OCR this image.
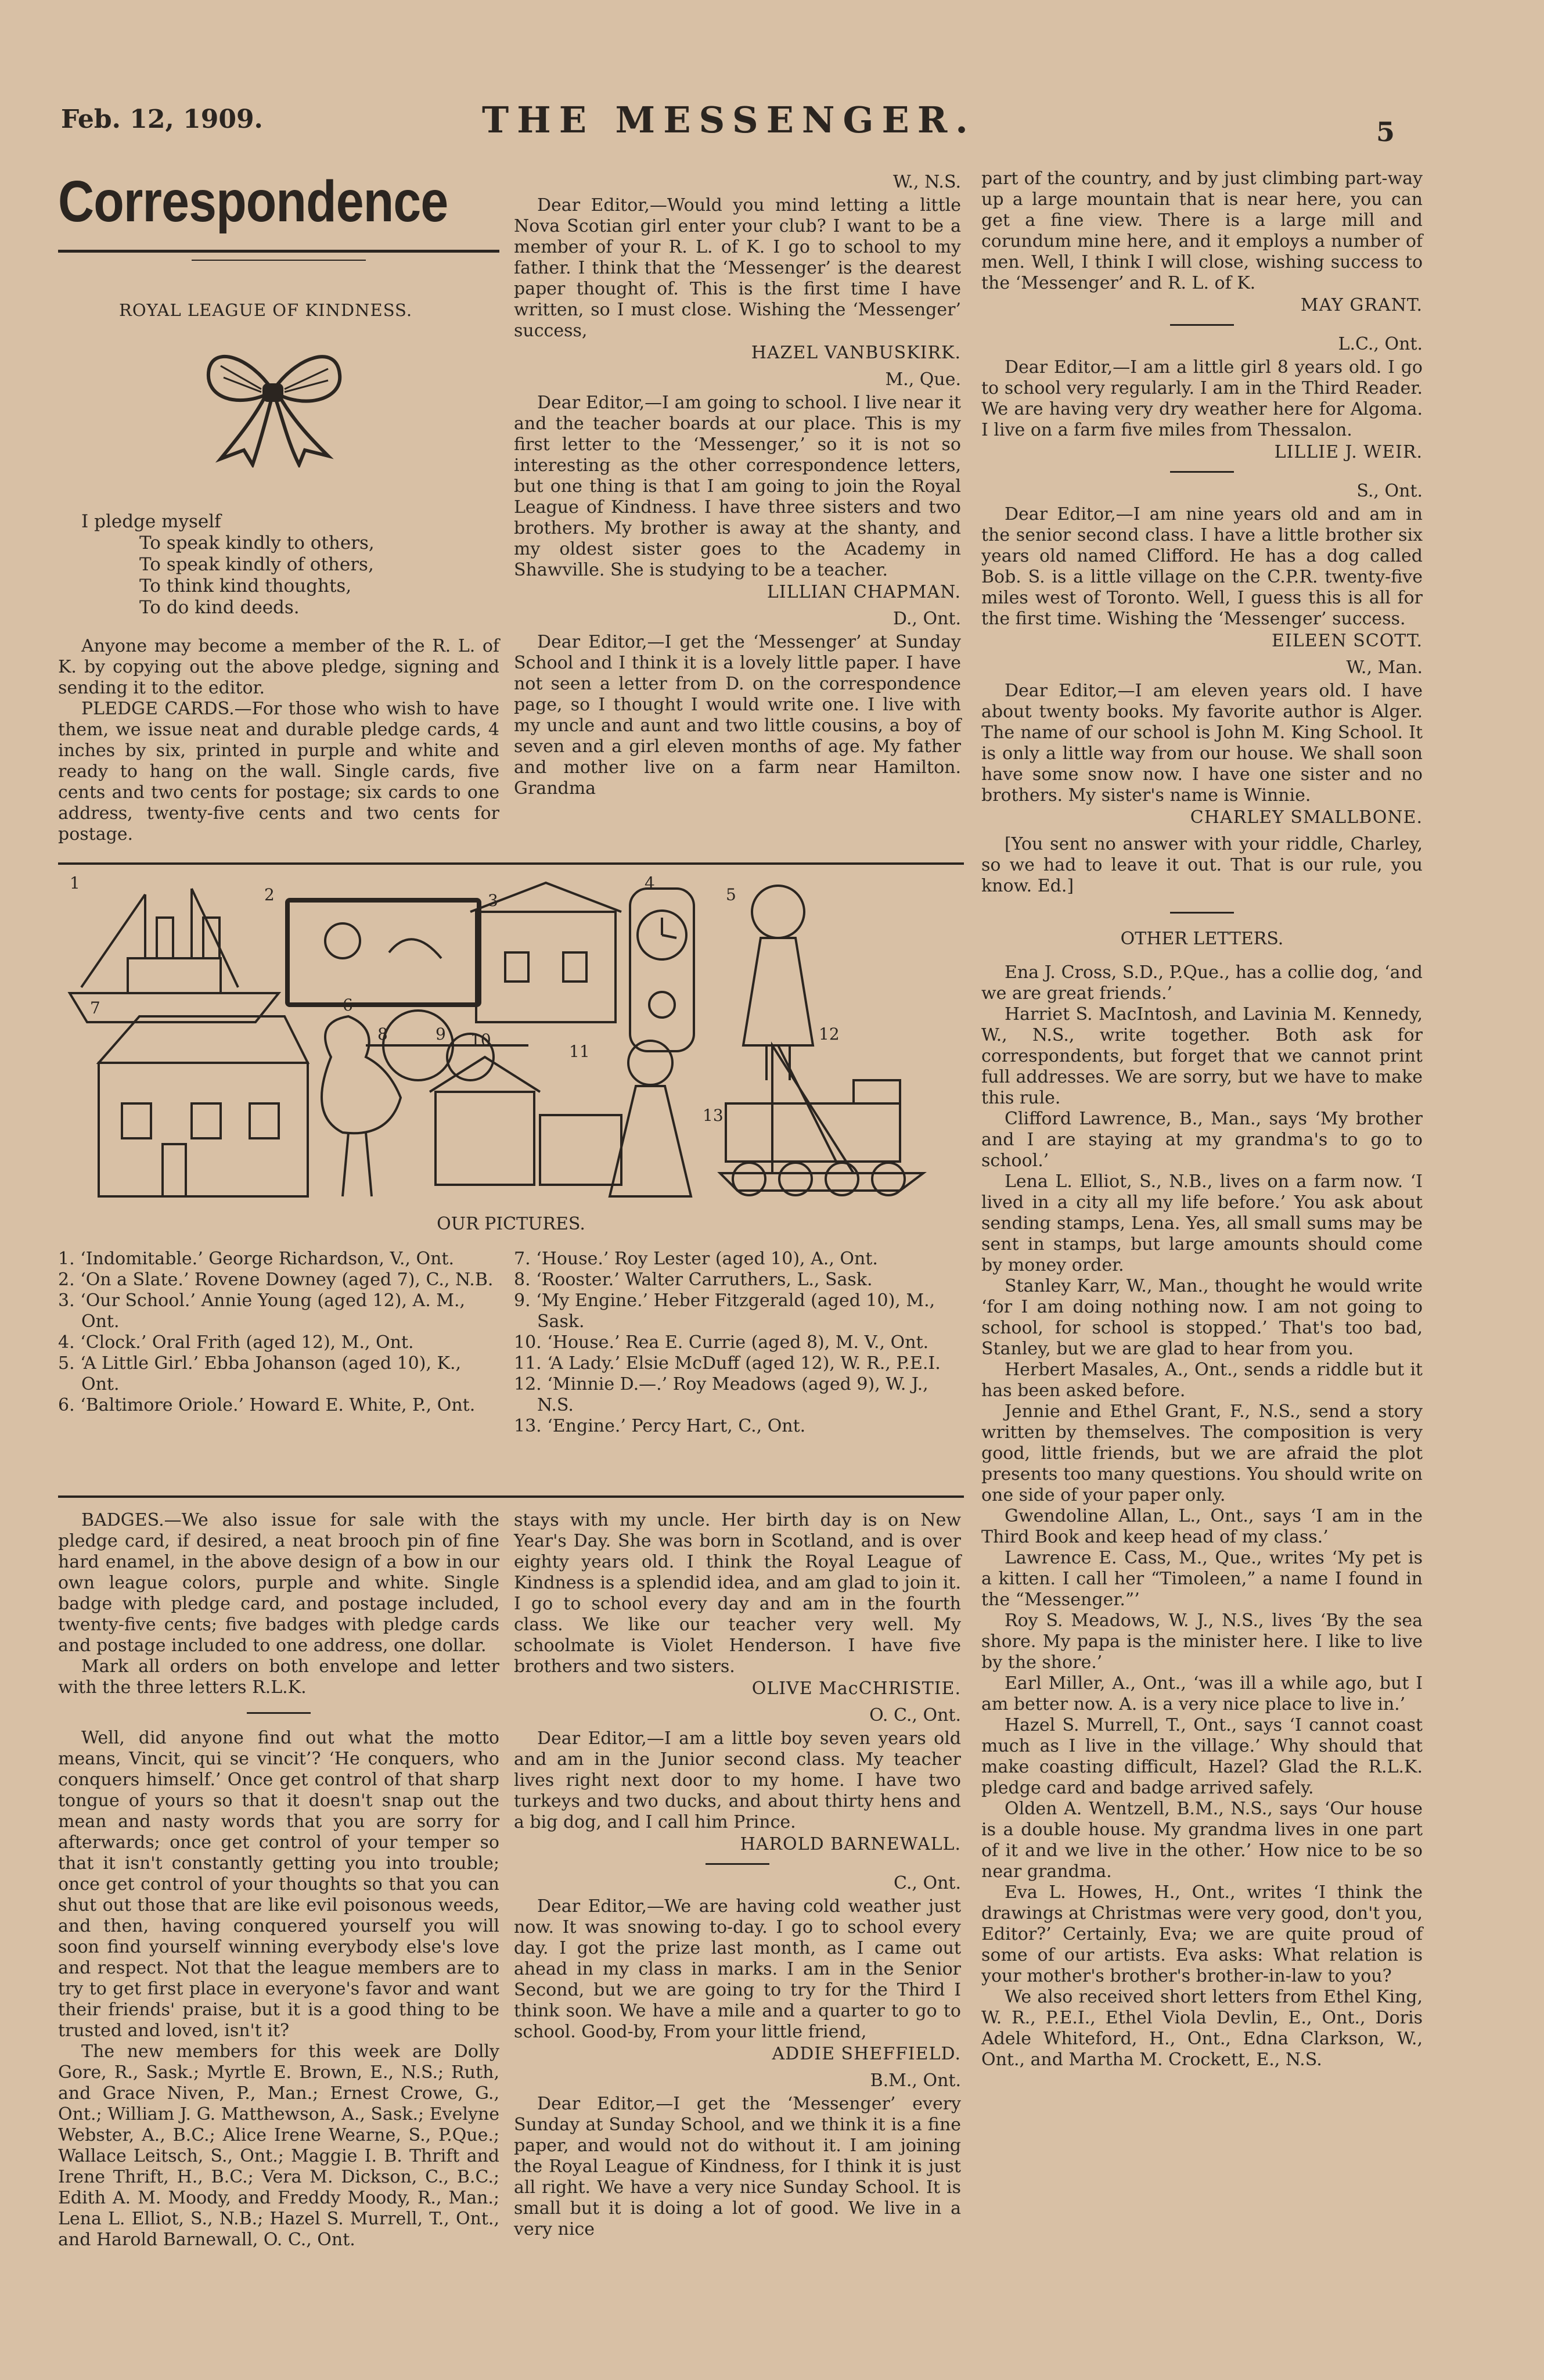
Feb. 12, 1909.	THE MESSENGER.	5
Correspondence
ROYAL LEAGUE OF KINDNESS.
I pledge myself
To speak kindly to others,
To speak kindly of others,
To think kind thoughts,
To do kind deeds.

Anyone may become a member of the R. L. of K. by copying out the above pledge, signing and sending it to the editor.

PLEDGE CARDS.—For those who wish to have them, we issue neat and durable pledge cards, 4 inches by six, printed in purple and white and ready to hang on the wall. Single cards, five cents and two cents for postage; six cards to one address, twenty-five cents and two cents for postage.

W., N.S.

Dear Editor,—Would you mind letting a little Nova Scotian girl enter your club? I want to be a member of your R. L. of K. I go to school to my father. I think that the ‘Messenger’ is the dearest paper thought of. This is the first time I have written, so I must close. Wishing the ‘Messenger’ success,

HAZEL VANBUSKIRK.
M., Que.

Dear Editor,—I am going to school. I live near it and the teacher boards at our place. This is my first letter to the ‘Messenger,’ so it is not so interesting as the other correspondence letters, but one thing is that I am going to join the Royal League of Kindness. I have three sisters and two brothers. My brother is away at the shanty, and my oldest sister goes to the Academy in Shawville. She is studying to be a teacher.

LILLIAN CHAPMAN.
D., Ont.

Dear Editor,—I get the ‘Messenger’ at Sunday School and I think it is a lovely little paper. I have not seen a letter from D. on the correspondence page, so I thought I would write one. I live with my uncle and aunt and two little cousins, a boy of seven and a girl eleven months of age. My father and mother live on a farm near Hamilton. Grandma

part of the country, and by just climbing part-way up a large mountain that is near here, you can get a fine view. There is a large mill and corundum mine here, and it employs a number of men. Well, I think I will close, wishing success to the ‘Messenger’ and R. L. of K.

MAY GRANT.
L.C., Ont.

Dear Editor,—I am a little girl 8 years old. I go to school very regularly. I am in the Third Reader. We are having very dry weather here for Algoma. I live on a farm five miles from Thessalon.

LILLIE J. WEIR.
S., Ont.

Dear Editor,—I am nine years old and am in the senior second class. I have a little brother six years old named Clifford. He has a dog called Bob. S. is a little village on the C.P.R. twenty-five miles west of Toronto. Well, I guess this is all for the first time. Wishing the ‘Messenger’ success.

EILEEN SCOTT.
W., Man.

Dear Editor,—I am eleven years old. I have about twenty books. My favorite author is Alger. The name of our school is John M. King School. It is only a little way from our house. We shall soon have some snow now. I have one sister and no brothers. My sister's name is Winnie.

CHARLEY SMALLBONE.

[You sent no answer with your riddle, Charley, so we had to leave it out. That is our rule, you know. Ed.]

OTHER LETTERS.

Ena J. Cross, S.D., P.Que., has a collie dog, ‘and we are great friends.’

Harriet S. MacIntosh, and Lavinia M. Kennedy, W., N.S., write together. Both ask for correspondents, but forget that we cannot print full addresses. We are sorry, but we have to make this rule.

Clifford Lawrence, B., Man., says ‘My brother and I are staying at my grandma's to go to school.’

Lena L. Elliot, S., N.B., lives on a farm now. ‘I lived in a city all my life before.’ You ask about sending stamps, Lena. Yes, all small sums may be sent in stamps, but large amounts should come by money order.

Stanley Karr, W., Man., thought he would write ‘for I am doing nothing now. I am not going to school, for school is stopped.’ That's too bad, Stanley, but we are glad to hear from you.

Herbert Masales, A., Ont., sends a riddle but it has been asked before.

Jennie and Ethel Grant, F., N.S., send a story written by themselves. The composition is very good, little friends, but we are afraid the plot presents too many questions. You should write on one side of your paper only.

Gwendoline Allan, L., Ont., says ‘I am in the Third Book and keep head of my class.’

Lawrence E. Cass, M., Que., writes ‘My pet is a kitten. I call her “Timoleen,” a name I found in the “Messenger.”’

Roy S. Meadows, W. J., N.S., lives ‘By the sea shore. My papa is the minister here. I like to live by the shore.’

Earl Miller, A., Ont., ‘was ill a while ago, but I am better now. A. is a very nice place to live in.’

Hazel S. Murrell, T., Ont., says ‘I cannot coast much as I live in the village.’ Why should that make coasting difficult, Hazel? Glad the R.L.K. pledge card and badge arrived safely.

Olden A. Wentzell, B.M., N.S., says ‘Our house is a double house. My grandma lives in one part of it and we live in the other.’ How nice to be so near grandma.

Eva L. Howes, H., Ont., writes ‘I think the drawings at Christmas were very good, don't you, Editor?’ Certainly, Eva; we are quite proud of some of our artists. Eva asks: What relation is your mother's brother's brother-in-law to you?

We also received short letters from Ethel King, W. R., P.E.I., Ethel Viola Devlin, E., Ont., Doris Adele Whiteford, H., Ont., Edna Clarkson, W., Ont., and Martha M. Crockett, E., N.S.

1
2	3
4
5
6
7
8	9 10
11
12
13
OUR PICTURES.

1. ‘Indomitable.’ George Richardson, V., Ont.

2. ‘On a Slate.’ Rovene Downey (aged 7), C., N.B.

3. ‘Our School.’ Annie Young (aged 12), A. M., Ont.

4. ‘Clock.’ Oral Frith (aged 12), M., Ont.

5. ‘A Little Girl.’ Ebba Johanson (aged 10), K., Ont.

6. ‘Baltimore Oriole.’ Howard E. White, P., Ont.

7. ‘House.’ Roy Lester (aged 10), A., Ont.

8. ‘Rooster.’ Walter Carruthers, L., Sask.

9. ‘My Engine.’ Heber Fitzgerald (aged 10), M., Sask.

10. ‘House.’ Rea E. Currie (aged 8), M. V., Ont.

11. ‘A Lady.’ Elsie McDuff (aged 12), W. R., P.E.I.

12. ‘Minnie D.—.’ Roy Meadows (aged 9), W. J., N.S.

13. ‘Engine.’ Percy Hart, C., Ont.

BADGES.—We also issue for sale with the pledge card, if desired, a neat brooch pin of fine hard enamel, in the above design of a bow in our own league colors, purple and white. Single badge with pledge card, and postage included, twenty-five cents; five badges with pledge cards and postage included to one address, one dollar.

Mark all orders on both envelope and letter with the three letters R.L.K.

Well, did anyone find out what the motto means, Vincit, qui se vincit’? ‘He conquers, who conquers himself.’ Once get control of that sharp tongue of yours so that it doesn't snap out the mean and nasty words that you are sorry for afterwards; once get control of your temper so that it isn't constantly getting you into trouble; once get control of your thoughts so that you can shut out those that are like evil poisonous weeds, and then, having conquered yourself you will soon find yourself winning everybody else's love and respect. Not that the league members are to try to get first place in everyone's favor and want their friends' praise, but it is a good thing to be trusted and loved, isn't it?

The new members for this week are Dolly Gore, R., Sask.; Myrtle E. Brown, E., N.S.; Ruth, and Grace Niven, P., Man.; Ernest Crowe, G., Ont.; William J. G. Matthewson, A., Sask.; Evelyne Webster, A., B.C.; Alice Irene Wearne, S., P.Que.; Wallace Leitsch, S., Ont.; Maggie I. B. Thrift and Irene Thrift, H., B.C.; Vera M. Dickson, C., B.C.; Edith A. M. Moody, and Freddy Moody, R., Man.; Lena L. Elliot, S., N.B.; Hazel S. Murrell, T., Ont., and Harold Barnewall, O. C., Ont.

stays with my uncle. Her birth day is on New Year's Day. She was born in Scotland, and is over eighty years old. I think the Royal League of Kindness is a splendid idea, and am glad to join it. I go to school every day and am in the fourth class. We like our teacher very well. My schoolmate is Violet Henderson. I have five brothers and two sisters.

OLIVE MacCHRISTIE.
O. C., Ont.

Dear Editor,—I am a little boy seven years old and am in the Junior second class. My teacher lives right next door to my home. I have two turkeys and two ducks, and about thirty hens and a big dog, and I call him Prince.

HAROLD BARNEWALL.
C., Ont.

Dear Editor,—We are having cold weather just now. It was snowing to-day. I go to school every day. I got the prize last month, as I came out ahead in my class in marks. I am in the Senior Second, but we are going to try for the Third I think soon. We have a mile and a quarter to go to school. Good-by, From your little friend,

ADDIE SHEFFIELD.
B.M., Ont.

Dear Editor,—I get the ‘Messenger’ every Sunday at Sunday School, and we think it is a fine paper, and would not do without it. I am joining the Royal League of Kindness, for I think it is just all right. We have a very nice Sunday School. It is small but it is doing a lot of good. We live in a very nice
